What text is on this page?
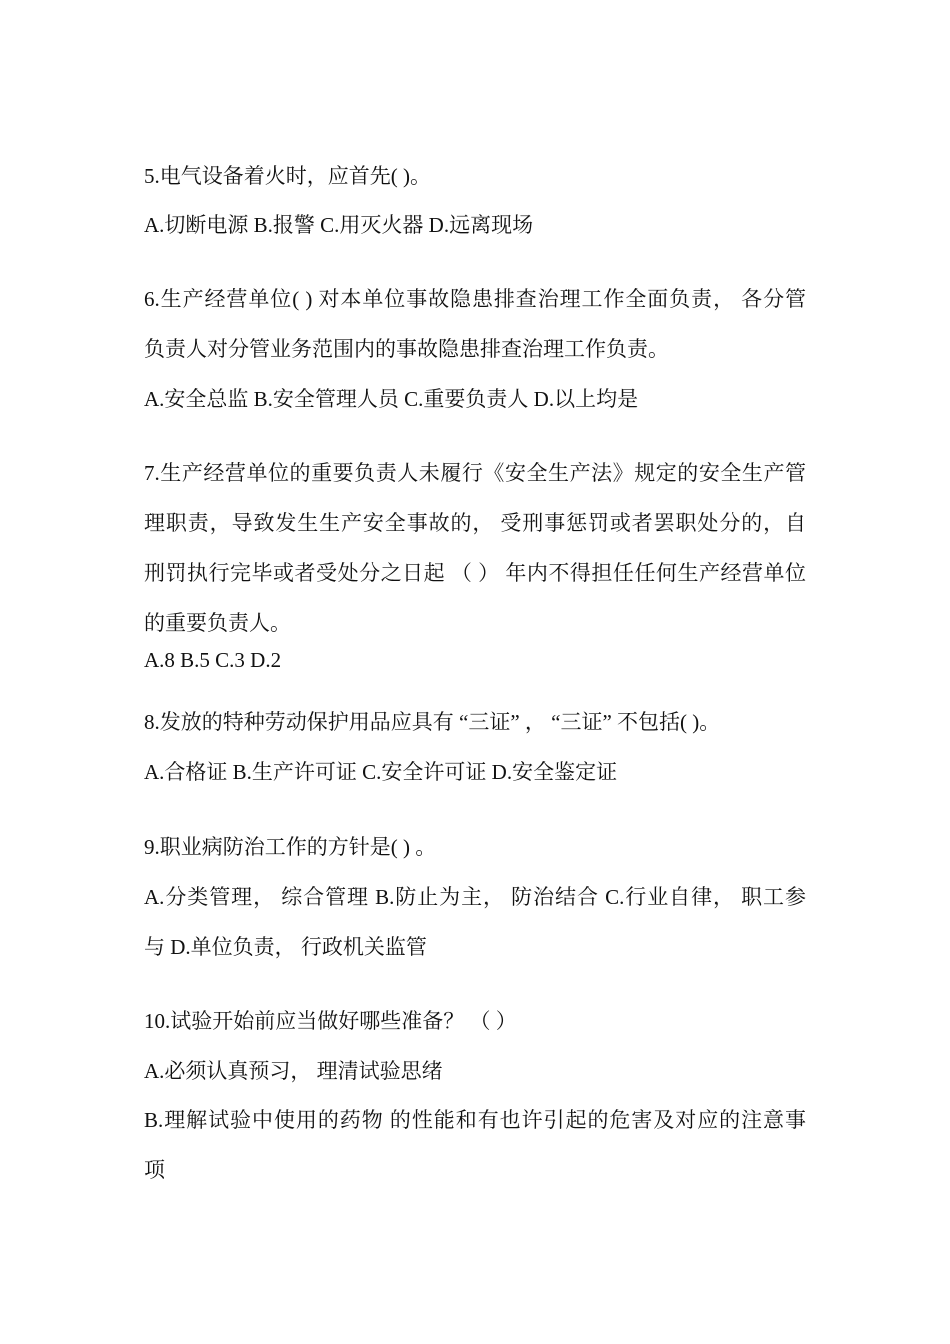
5.电气设备着火时，应首先( )。
A.切断电源 B.报警 C.用灭火器 D.远离现场
6.生产经营单位( ) 对本单位事故隐患排查治理工作全面负责， 各分管
负责人对分管业务范围内的事故隐患排查治理工作负责。
A.安全总监 B.安全管理人员 C.重要负责人 D.以上均是
7.生产经营单位的重要负责人未履行《安全生产法》规定的安全生产管
理职责，导致发生生产安全事故的， 受刑事惩罚或者罢职处分的，自
刑罚执行完毕或者受处分之日起 （ ） 年内不得担任任何生产经营单位
的重要负责人。
A.8 B.5 C.3 D.2
8.发放的特种劳动保护用品应具有 “三证” ， “三证” 不包括( )。
A.合格证 B.生产许可证 C.安全许可证 D.安全鉴定证
9.职业病防治工作的方针是( ) 。
A.分类管理， 综合管理 B.防止为主， 防治结合 C.行业自律， 职工参
与 D.单位负责， 行政机关监管
10.试验开始前应当做好哪些准备？ （ ）
A.必须认真预习， 理清试验思绪
B.理解试验中使用的药物 的性能和有也许引起的危害及对应的注意事
项
